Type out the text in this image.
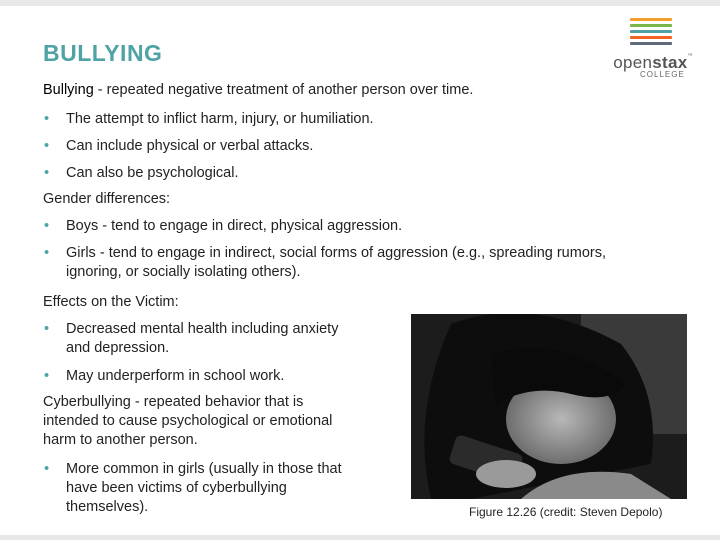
BULLYING	openstax™
COLLEGE
Bullying - repeated negative treatment of another person over time.
• The attempt to inflict harm, injury, or humiliation.
• Can include physical or verbal attacks.
• Can also be psychological.
Gender differences:
• Boys - tend to engage in direct, physical aggression.
• Girls - tend to engage in indirect, social forms of aggression (e.g., spreading rumors,
ignoring, or socially isolating others).
Effects on the Victim:
• Decreased mental health including anxiety
and depression.
• May underperform in school work.
Cyberbullying - repeated behavior that is
intended to cause psychological or emotional
harm to another person.
• More common in girls (usually in those that
have been victims of cyberbullying
themselves).	Figure 12.26 (credit: Steven Depolo)
